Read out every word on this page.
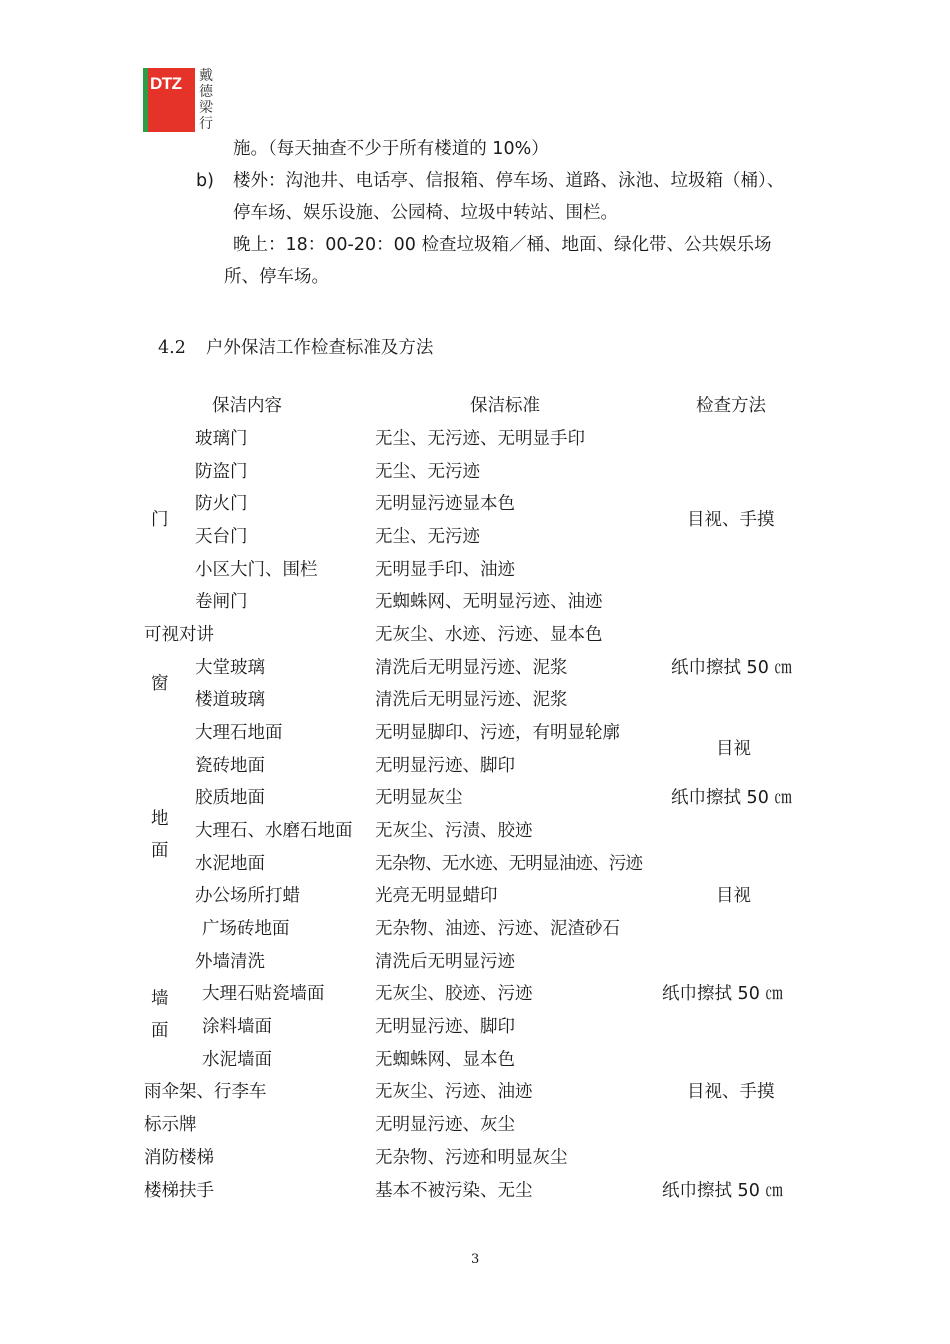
DTZ 戴德梁行
施。（每天抽查不少于所有楼道的 10%）
b) 楼外：沟池井、电话亭、信报箱、停车场、道路、泳池、垃圾箱（桶）、
停车场、娱乐设施、公园椅、垃圾中转站、围栏。
晚上：18：00-20：00 检查垃圾箱／桶、地面、绿化带、公共娱乐场
所、停车场。
4.2 户外保洁工作检查标准及方法
保洁内容	保洁标准	检查方法
门
窗
地面
墙面
玻璃门
防盗门
防火门
天台门
小区大门、围栏
卷闸门
可视对讲
大堂玻璃
楼道玻璃
大理石地面
瓷砖地面
胶质地面
大理石、水磨石地面
水泥地面
办公场所打蜡
广场砖地面
外墙清洗
大理石贴瓷墙面
涂料墙面
水泥墙面
雨伞架、行李车
标示牌
消防楼梯
楼梯扶手
无尘、无污迹、无明显手印
无尘、无污迹
无明显污迹显本色
无尘、无污迹
无明显手印、油迹
无蜘蛛网、无明显污迹、油迹
无灰尘、水迹、污迹、显本色
清洗后无明显污迹、泥浆
清洗后无明显污迹、泥浆
无明显脚印、污迹，有明显轮廓
无明显污迹、脚印
无明显灰尘
无灰尘、污渍、胶迹
无杂物、无水迹、无明显油迹、污迹
光亮无明显蜡印
无杂物、油迹、污迹、泥渣砂石
清洗后无明显污迹
无灰尘、胶迹、污迹
无明显污迹、脚印
无蜘蛛网、显本色
无灰尘、污迹、油迹
无明显污迹、灰尘
无杂物、污迹和明显灰尘
基本不被污染、无尘
目视、手摸
纸巾擦拭 50 ㎝
目视
纸巾擦拭 50 ㎝
目视
纸巾擦拭 50 ㎝
目视、手摸
纸巾擦拭 50 ㎝
3
